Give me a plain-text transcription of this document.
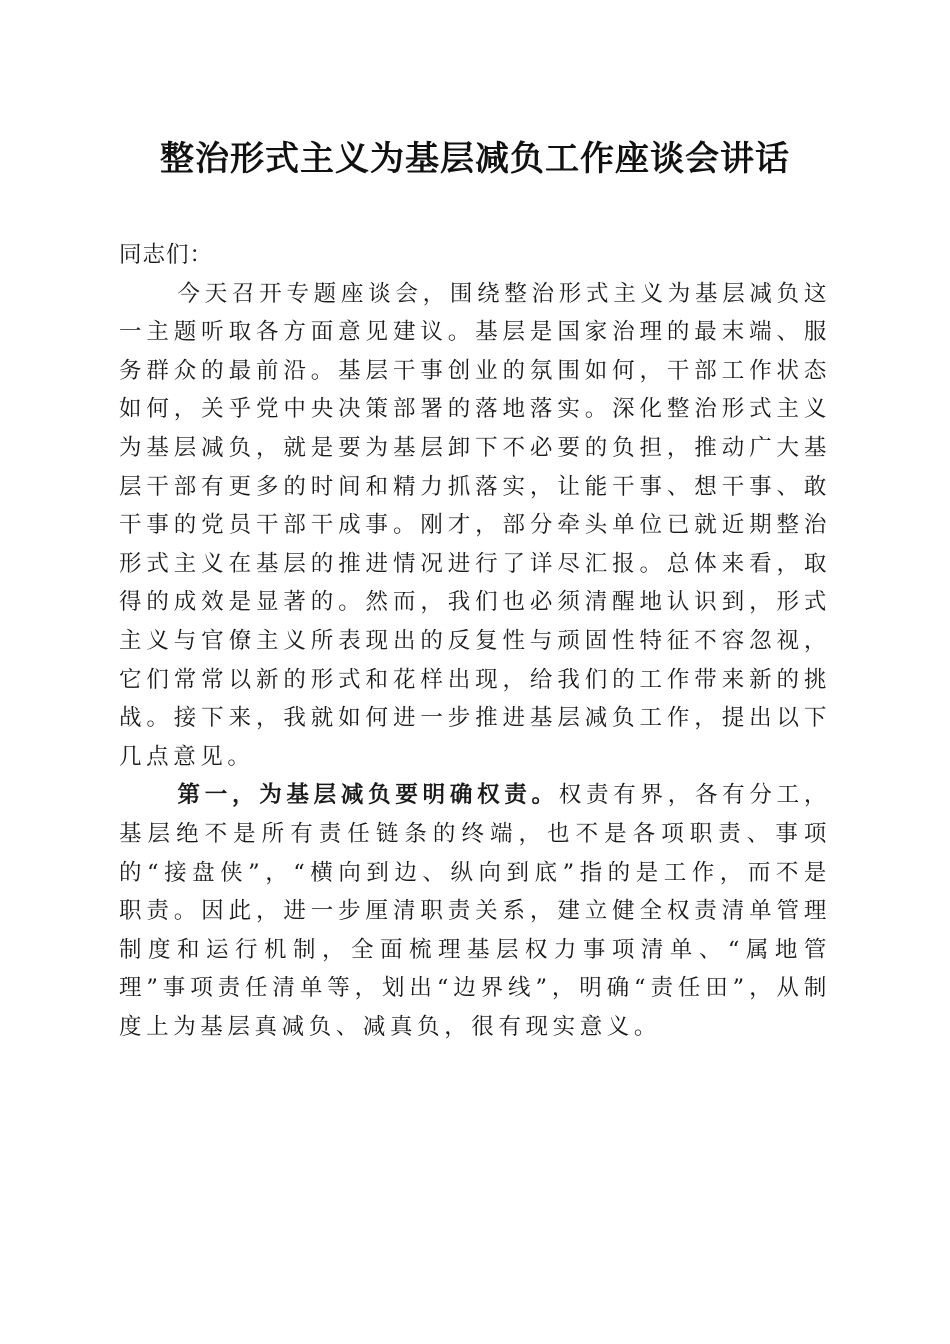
整治形式主义为基层减负工作座谈会讲话

同志们：

今天召开专题座谈会，围绕整治形式主义为基层减负这一主题听取各方面意见建议。基层是国家治理的最末端、服务群众的最前沿。基层干事创业的氛围如何，干部工作状态如何，关乎党中央决策部署的落地落实。深化整治形式主义为基层减负，就是要为基层卸下不必要的负担，推动广大基层干部有更多的时间和精力抓落实，让能干事、想干事、敢干事的党员干部干成事。刚才，部分牵头单位已就近期整治形式主义在基层的推进情况进行了详尽汇报。总体来看，取得的成效是显著的。然而，我们也必须清醒地认识到，形式主义与官僚主义所表现出的反复性与顽固性特征不容忽视，它们常常以新的形式和花样出现，给我们的工作带来新的挑战。接下来，我就如何进一步推进基层减负工作，提出以下几点意见。

第一，为基层减负要明确权责。权责有界，各有分工，基层绝不是所有责任链条的终端，也不是各项职责、事项的“接盘侠”，“横向到边、纵向到底”指的是工作，而不是职责。因此，进一步厘清职责关系，建立健全权责清单管理制度和运行机制，全面梳理基层权力事项清单、“属地管理”事项责任清单等，划出“边界线”，明确“责任田”，从制度上为基层真减负、减真负，很有现实意义。
